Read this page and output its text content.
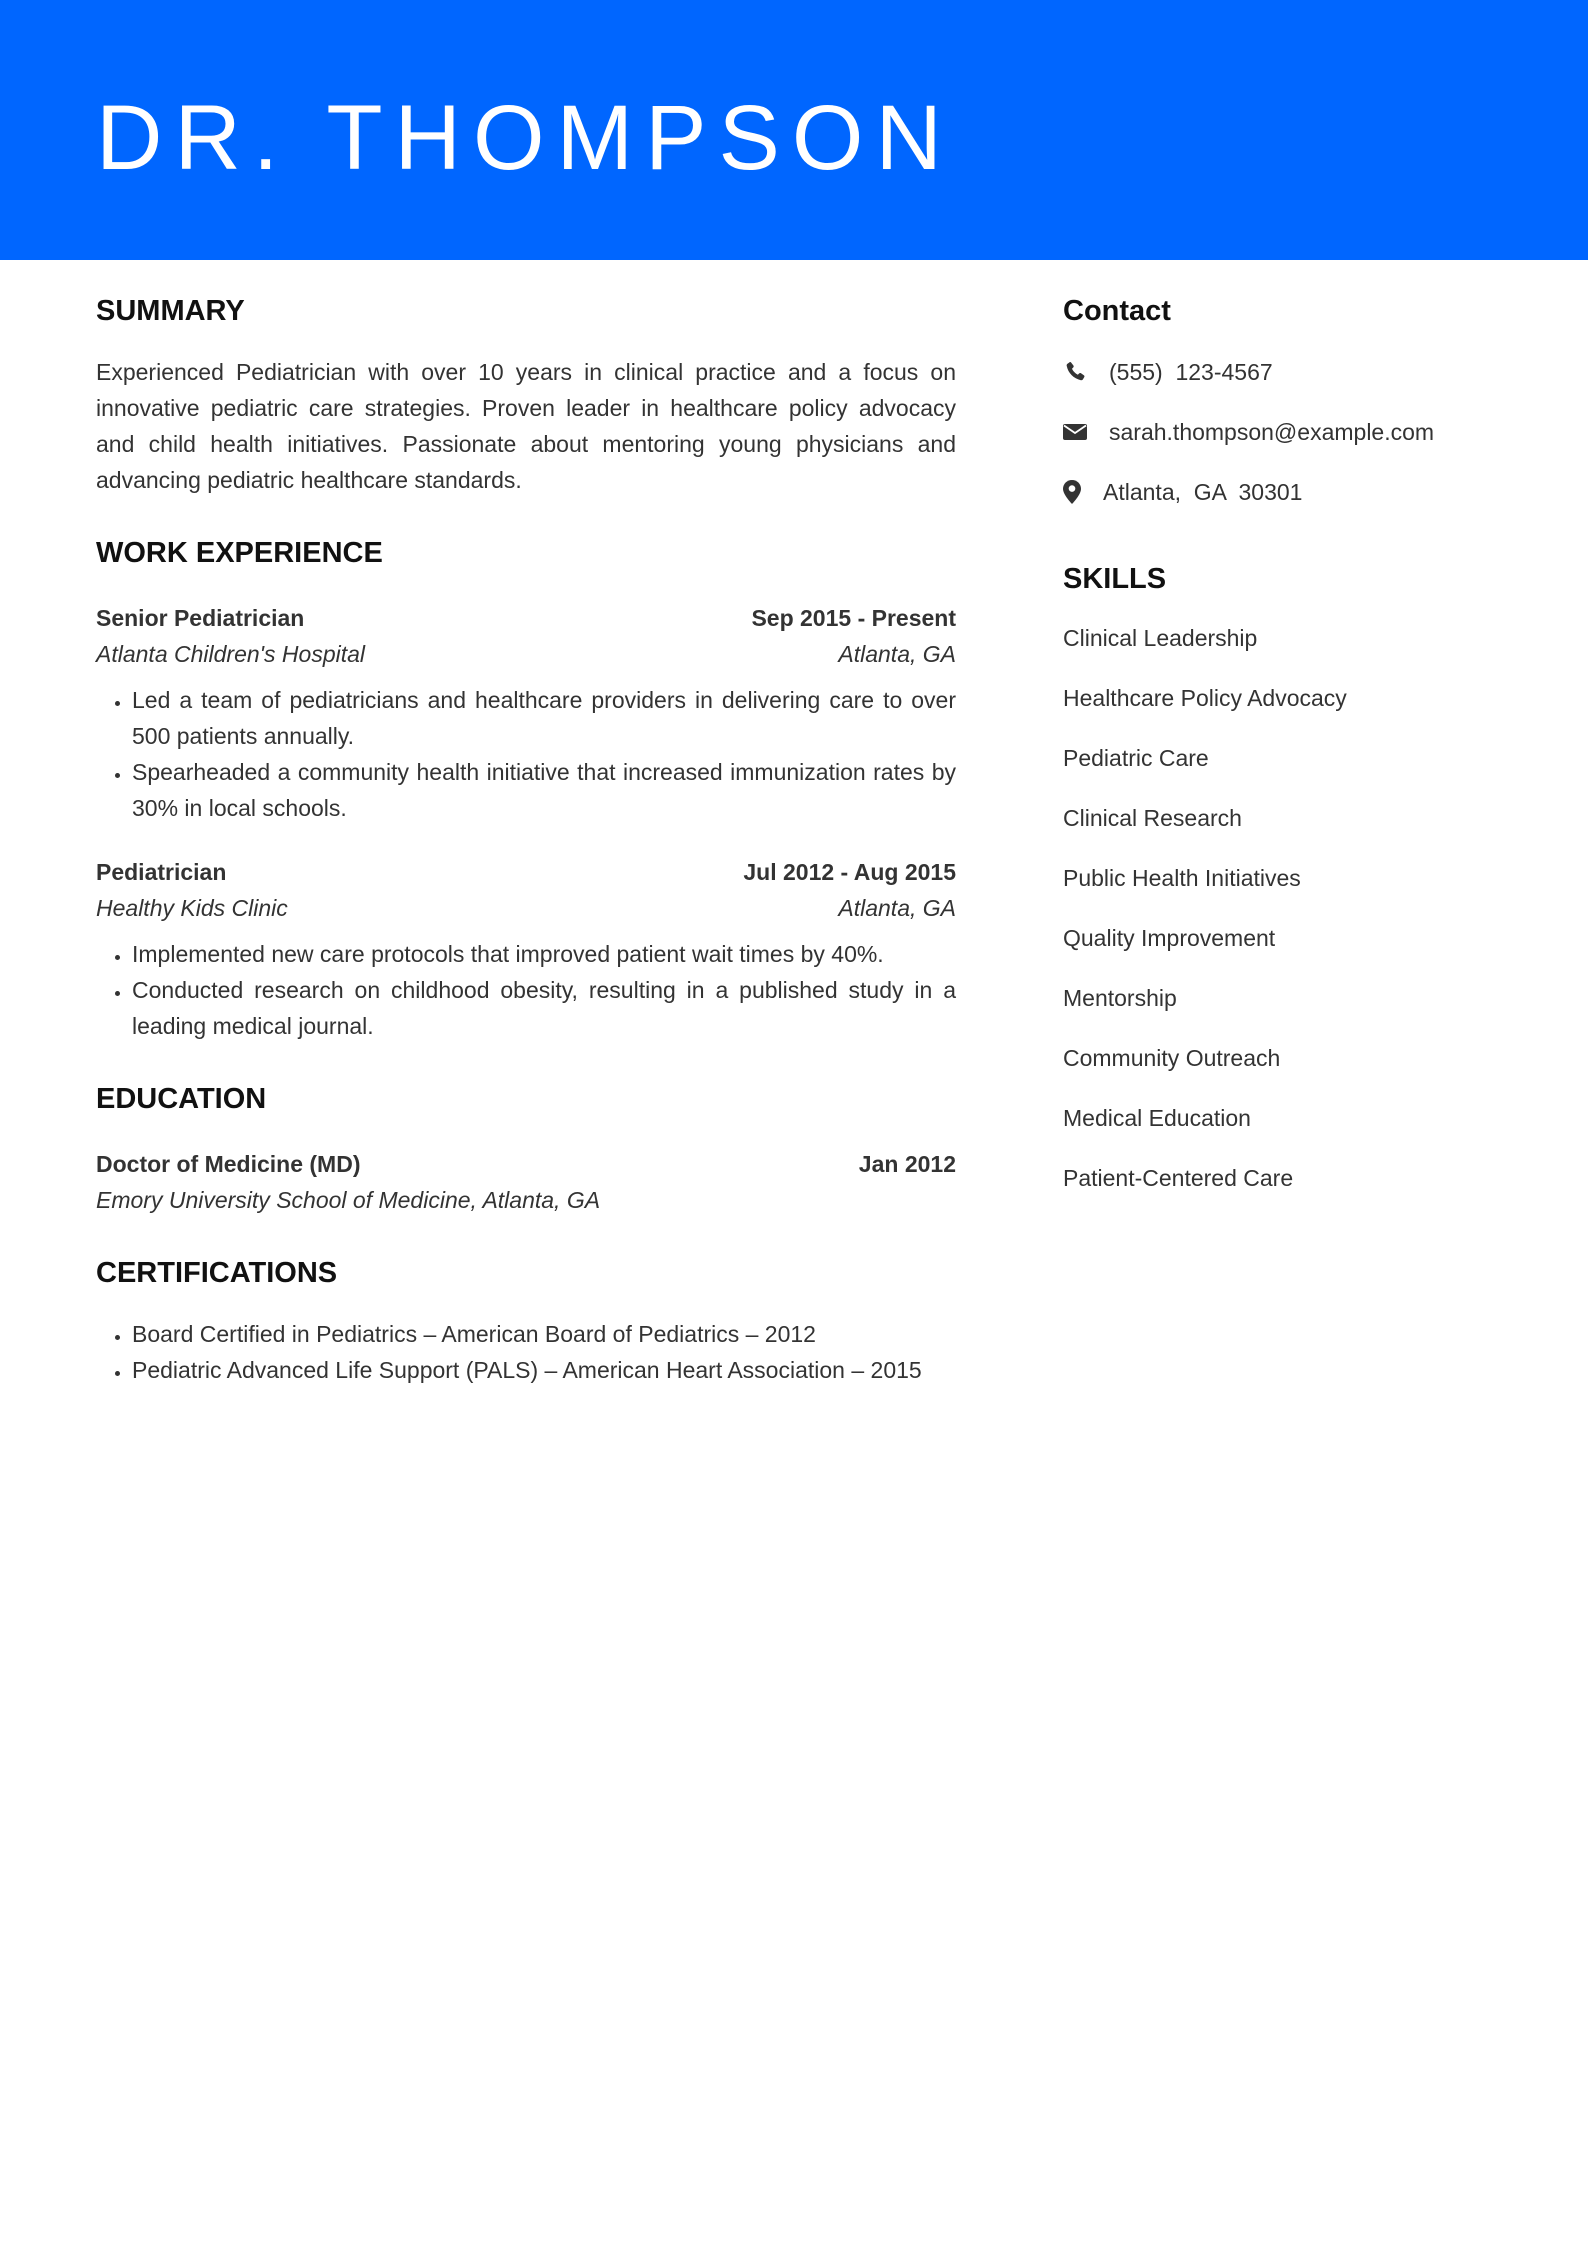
DR. THOMPSON
SUMMARY

Experienced Pediatrician with over 10 years in clinical practice and a focus on innovative pediatric care strategies. Proven leader in healthcare policy advocacy and child health initiatives. Passionate about mentoring young physicians and advancing pediatric healthcare standards.

WORK EXPERIENCE
Senior Pediatrician	Sep 2015 - Present
Atlanta Children's Hospital	Atlanta, GA
• Led a team of pediatricians and healthcare providers in delivering care to over 500 patients annually.
• Spearheaded a community health initiative that increased immunization rates by 30% in local schools.
Pediatrician	Jul 2012 - Aug 2015
Healthy Kids Clinic	Atlanta, GA
• Implemented new care protocols that improved patient wait times by 40%.
• Conducted research on childhood obesity, resulting in a published study in a leading medical journal.
EDUCATION
Doctor of Medicine (MD)	Jan 2012
Emory University School of Medicine, Atlanta, GA
CERTIFICATIONS
• Board Certified in Pediatrics – American Board of Pediatrics – 2012
• Pediatric Advanced Life Support (PALS) – American Heart Association – 2015
Contact
(555)  123-4567
sarah.thompson@example.com
Atlanta,  GA  30301
SKILLS
Clinical Leadership
Healthcare Policy Advocacy
Pediatric Care
Clinical Research
Public Health Initiatives
Quality Improvement
Mentorship
Community Outreach
Medical Education
Patient-Centered Care
